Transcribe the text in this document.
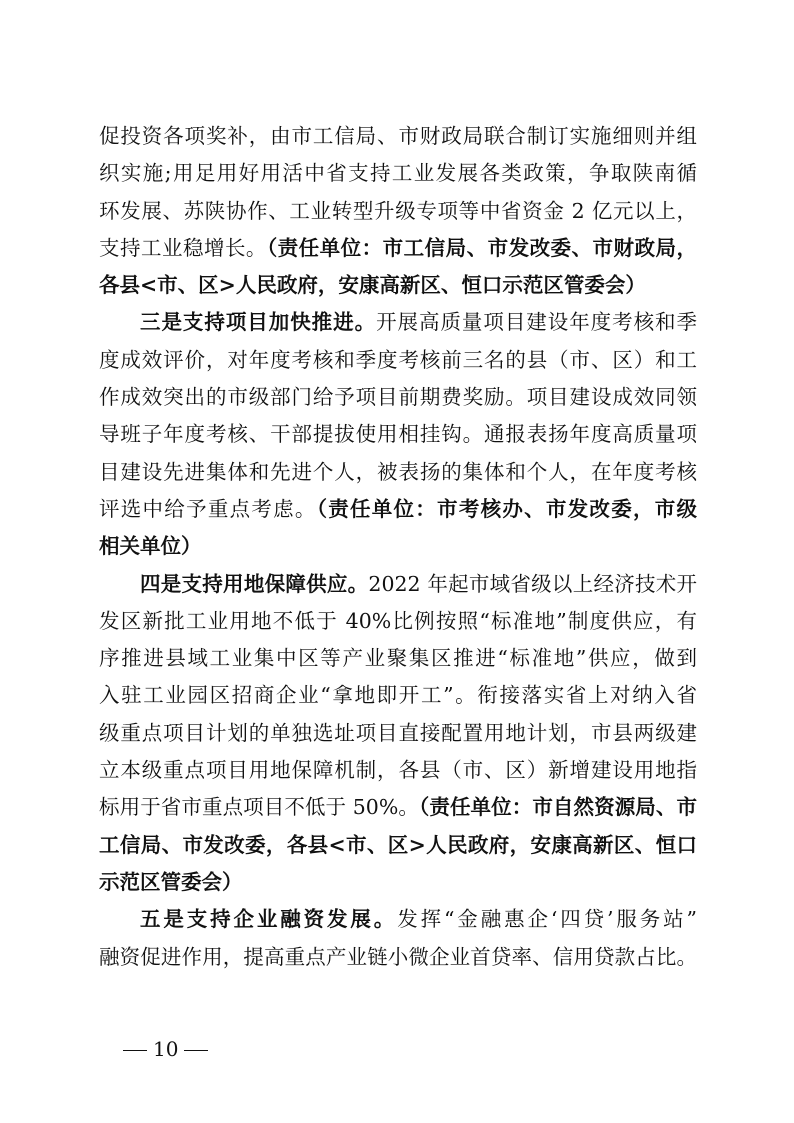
促投资各项奖补，由市工信局、市财政局联合制订实施细则并组
织实施;用足用好用活中省支持工业发展各类政策，争取陕南循
环发展、苏陕协作、工业转型升级专项等中省资金 2 亿元以上，
支持工业稳增长。（责任单位：市工信局、市发改委、市财政局，
各县<市、区>人民政府，安康高新区、恒口示范区管委会）
三是支持项目加快推进。开展高质量项目建设年度考核和季
度成效评价，对年度考核和季度考核前三名的县（市、区）和工
作成效突出的市级部门给予项目前期费奖励。项目建设成效同领
导班子年度考核、干部提拔使用相挂钩。通报表扬年度高质量项
目建设先进集体和先进个人，被表扬的集体和个人，在年度考核
评选中给予重点考虑。（责任单位：市考核办、市发改委，市级
相关单位）
四是支持用地保障供应。2022 年起市域省级以上经济技术开
发区新批工业用地不低于 40%比例按照“标准地”制度供应，有
序推进县域工业集中区等产业聚集区推进“标准地”供应，做到
入驻工业园区招商企业“拿地即开工”。衔接落实省上对纳入省
级重点项目计划的单独选址项目直接配置用地计划，市县两级建
立本级重点项目用地保障机制，各县（市、区）新增建设用地指
标用于省市重点项目不低于 50%。（责任单位：市自然资源局、市
工信局、市发改委，各县<市、区>人民政府，安康高新区、恒口
示范区管委会）
五是支持企业融资发展。发挥“金融惠企‘四贷’服务站”
融资促进作用，提高重点产业链小微企业首贷率、信用贷款占比。
10
